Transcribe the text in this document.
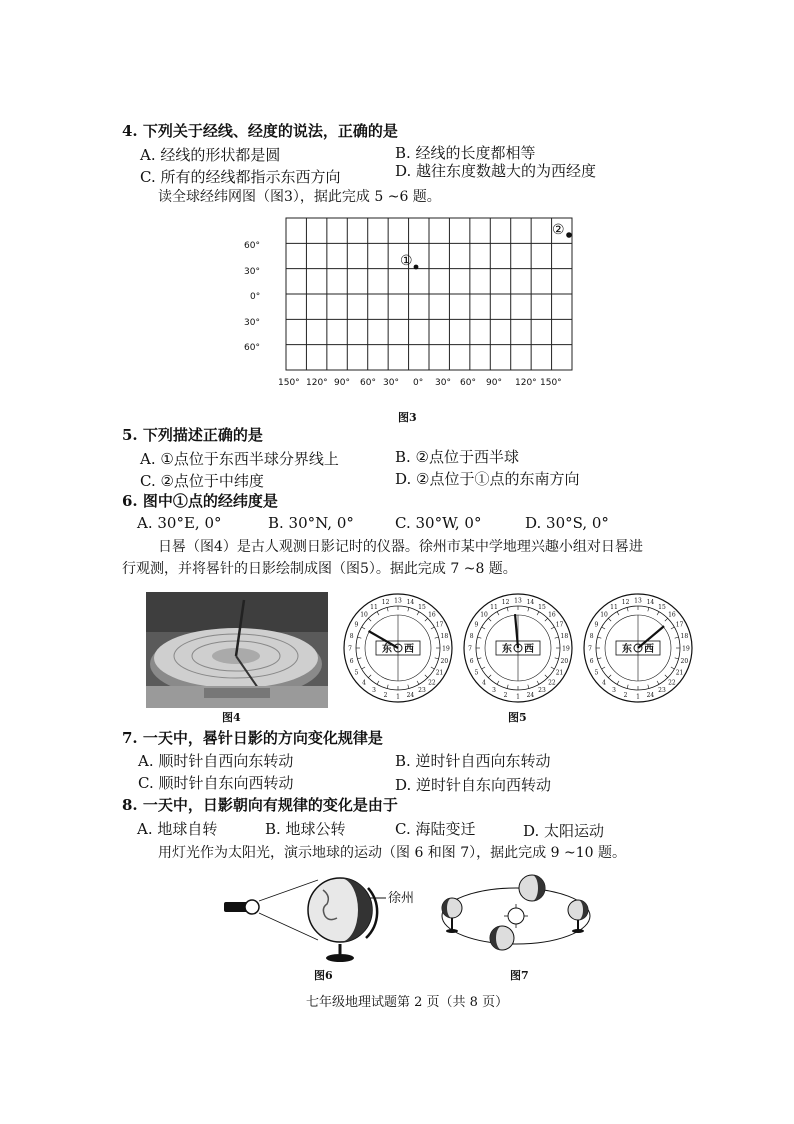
4. 下列关于经线、经度的说法，正确的是
A. 经线的形状都是圆	B. 经线的长度都相等
C. 所有的经线都指示东西方向	D. 越往东度数越大的为西经度
读全球经纬网图（图3），据此完成 5 ~6 题。
60°
30°
0°
30°
60°
150° 120° 90° 60° 30° 0° 30° 60° 90° 120° 150°
①
②
图3
5. 下列描述正确的是
A. ①点位于东西半球分界线上	B. ②点位于西半球
C. ②点位于中纬度	D. ②点位于①点的东南方向
6. 图中①点的经纬度是
A. 30°E, 0°	B. 30°N, 0°	C. 30°W, 0°	D. 30°S, 0°
日晷（图4）是古人观测日影记时的仪器。徐州市某中学地理兴趣小组对日晷进
行观测，并将晷针的日影绘制成图（图5）。据此完成 7 ~8 题。
图4
1
2
3
4
5
6
7
8
9
10
11
12 13 14
15
16
17
18
19
20
21
22
23
24
东 西
1
2
3
4
5
6
7
8
9
10
11
12 13 14
15
16
17
18
19
20
21
22
23
24
东 西
1
2
3
4
5
6
7
8
9
10
11
12 13 14
15
16
17
18
19
20
21
22
23
24
东 西
图5
7. 一天中，晷针日影的方向变化规律是
A. 顺时针自西向东转动	B. 逆时针自西向东转动
C. 顺时针自东向西转动	D. 逆时针自东向西转动
8. 一天中，日影朝向有规律的变化是由于
A. 地球自转	B. 地球公转	C. 海陆变迁	D. 太阳运动
用灯光作为太阳光，演示地球的运动（图 6 和图 7），据此完成 9 ~10 题。
徐州
图6	图7
七年级地理试题第 2 页（共 8 页）
